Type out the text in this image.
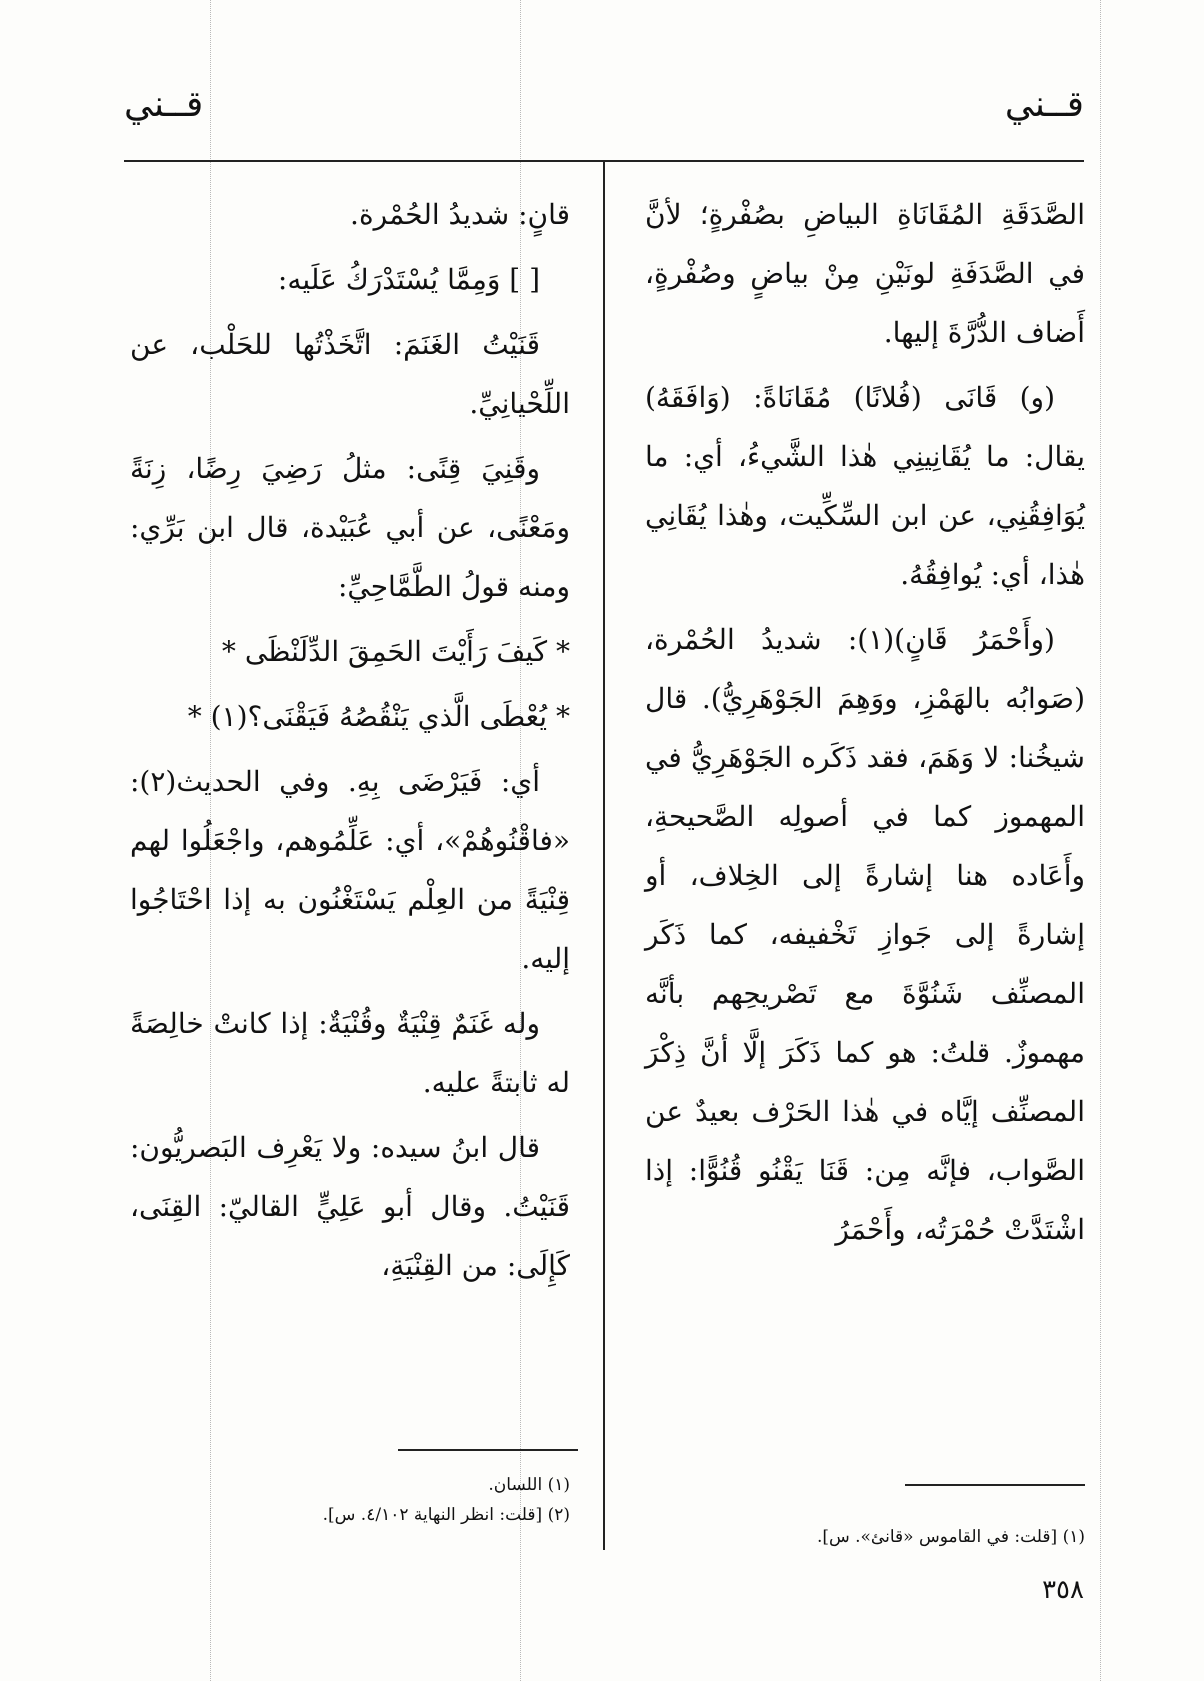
قــني
قــني

الصَّدَقَةِ المُقَانَاةِ البياضِ بصُفْرةٍ؛ لأنَّ في الصَّدَفَةِ لونَيْنِ مِنْ بياضٍ وصُفْرةٍ، أَضاف الدُّرَّةَ إليها.

(و) قَانَى (فُلانًا) مُقَانَاةً: (وَافَقَهُ) يقال: ما يُقَانِينِي هٰذا الشَّيءُ، أي: ما يُوَافِقُنِي، عن ابن السِّكِّيت، وهٰذا يُقَانِي هٰذا، أي: يُوافِقُهُ.

(وأَحْمَرُ قَانٍ)(١): شديدُ الحُمْرة، (صَوابُه بالهَمْزِ، ووَهِمَ الجَوْهَرِيُّ). قال شيخُنا: لا وَهَمَ، فقد ذَكَره الجَوْهَرِيُّ في المهموز كما في أصولِه الصَّحيحةِ، وأَعَاده هنا إشارةً إلى الخِلاف، أو إشارةً إلى جَوازِ تَخْفيفه، كما ذَكَر المصنِّف شَنُوَّةَ مع تَصْريحِهم بأنَّه مهموزٌ. قلتُ: هو كما ذَكَرَ إلَّا أنَّ ذِكْرَ المصنِّف إيَّاه في هٰذا الحَرْف بعيدٌ عن الصَّواب، فإنَّه مِن: قَنَا يَقْنُو قُنُوًّا: إذا اشْتَدَّتْ حُمْرَتُه، وأَحْمَرُ

قانٍ: شديدُ الحُمْرة.

[ ] وَمِمَّا يُسْتَدْرَكُ عَلَيه:

قَنَيْتُ الغَنَمَ: اتَّخَذْتُها للحَلْب، عن اللِّحْيانِيِّ.

وقَنِيَ قِنًى: مثلُ رَضِيَ رِضًا، زِنَةً ومَعْنًى، عن أبي عُبَيْدة، قال ابن بَرِّي: ومنه قولُ الطَّمَّاحِيِّ:

* كَيفَ رَأَيْتَ الحَمِقَ الدِّلَنْظَى *

* يُعْطَى الَّذي يَنْقُصُهُ فَيَقْنَى؟(١) *

أي: فَيَرْضَى بِهِ. وفي الحديث(٢): «فاقْنُوهُمْ»، أي: عَلِّمُوهم، واجْعَلُوا لهم قِنْيَةً من العِلْم يَسْتَغْنُون به إذا احْتَاجُوا إليه.

وله غَنَمٌ قِنْيَةٌ وقُنْيَةٌ: إذا كانتْ خالِصَةً له ثابتةً عليه.

قال ابنُ سيده: ولا يَعْرِف البَصريُّون: قَنَيْتُ. وقال أبو عَلِيٍّ القاليّ: القِنَى، كَإِلَى: من القِنْيَةِ،

(١) [قلت: في القاموس «قانئ». س].

(١) اللسان.

(٢) [قلت: انظر النهاية ٤/١٠٢. س].

٣٥٨
